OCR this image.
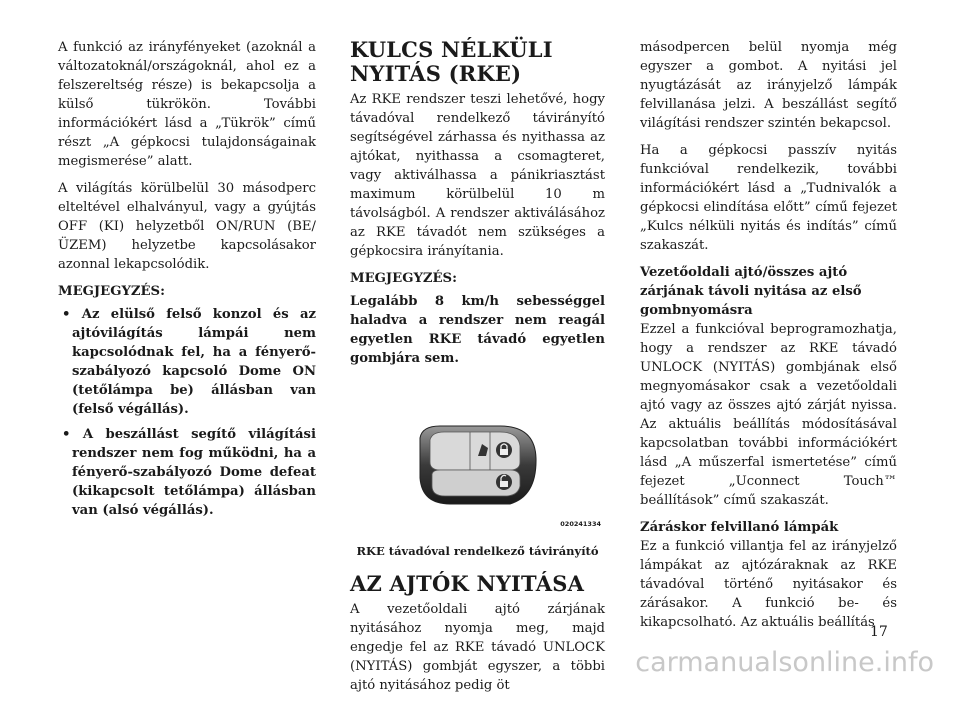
A funkció az irányfényeket (azoknál a változatoknál/országoknál, ahol ez a felszereltség része) is bekapcsolja a külső tükrökön. További információkért lásd a „Tükrök” című részt „A gépkocsi tulajdonságainak megismerése” alatt.

A világítás körülbelül 30 másodperc elteltével elhalványul, vagy a gyújtás OFF (KI) helyzetből ON/RUN (BE/ÜZEM) helyzetbe kapcsolásakor azonnal lekapcsolódik.

MEGJEGYZÉS:
• Az elülső felső konzol és az ajtóvilágítás lámpái nem kapcsolódnak fel, ha a fényerő-szabályozó kapcsoló Dome ON (tetőlámpa be) állásban van (felső végállás).
• A beszállást segítő világítási rendszer nem fog működni, ha a fényerő-szabályozó Dome defeat (kikapcsolt tetőlámpa) állásban van (alsó végállás).
KULCS NÉLKÜLI
NYITÁS (RKE)

Az RKE rendszer teszi lehetővé, hogy távadóval rendelkező távirányító segítségével zárhassa és nyithassa az ajtókat, nyithassa a csomagteret, vagy aktiválhassa a pánikriasztást maximum körülbelül 10 m távolságból. A rendszer aktiválásához az RKE távadót nem szükséges a gépkocsira irányítania.

MEGJEGYZÉS:

Legalább 8 km/h sebességgel haladva a rendszer nem reagál egyetlen RKE távadó egyetlen gombjára sem.

020241334
RKE távadóval rendelkező távirányító
AZ AJTÓK NYITÁSA

A vezetőoldali ajtó zárjának nyitásához nyomja meg, majd engedje fel az RKE távadó UNLOCK (NYITÁS) gombját egyszer, a többi ajtó nyitásához pedig öt

másodpercen belül nyomja még egyszer a gombot. A nyitási jel nyugtázását az irányjelző lámpák felvillanása jelzi. A beszállást segítő világítási rendszer szintén bekapcsol.

Ha a gépkocsi passzív nyitás funkcióval rendelkezik, további információkért lásd a „Tudnivalók a gépkocsi elindítása előtt” című fejezet „Kulcs nélküli nyitás és indítás” című szakaszát.

Vezetőoldali ajtó/összes ajtó zárjának távoli nyitása az első gombnyomásra

Ezzel a funkcióval beprogramozhatja, hogy a rendszer az RKE távadó UNLOCK (NYITÁS) gombjának első megnyomásakor csak a vezetőoldali ajtó vagy az összes ajtó zárját nyissa. Az aktuális beállítás módosításával kapcsolatban további információkért lásd „A műszerfal ismertetése” című fejezet „Uconnect Touch™ beállítások” című szakaszát.

Záráskor felvillanó lámpák

Ez a funkció villantja fel az irányjelző lámpákat az ajtózáraknak az RKE távadóval történő nyitásakor és zárásakor. A funkció be- és kikapcsolható. Az aktuális beállítás

17
carmanualsonline.info
